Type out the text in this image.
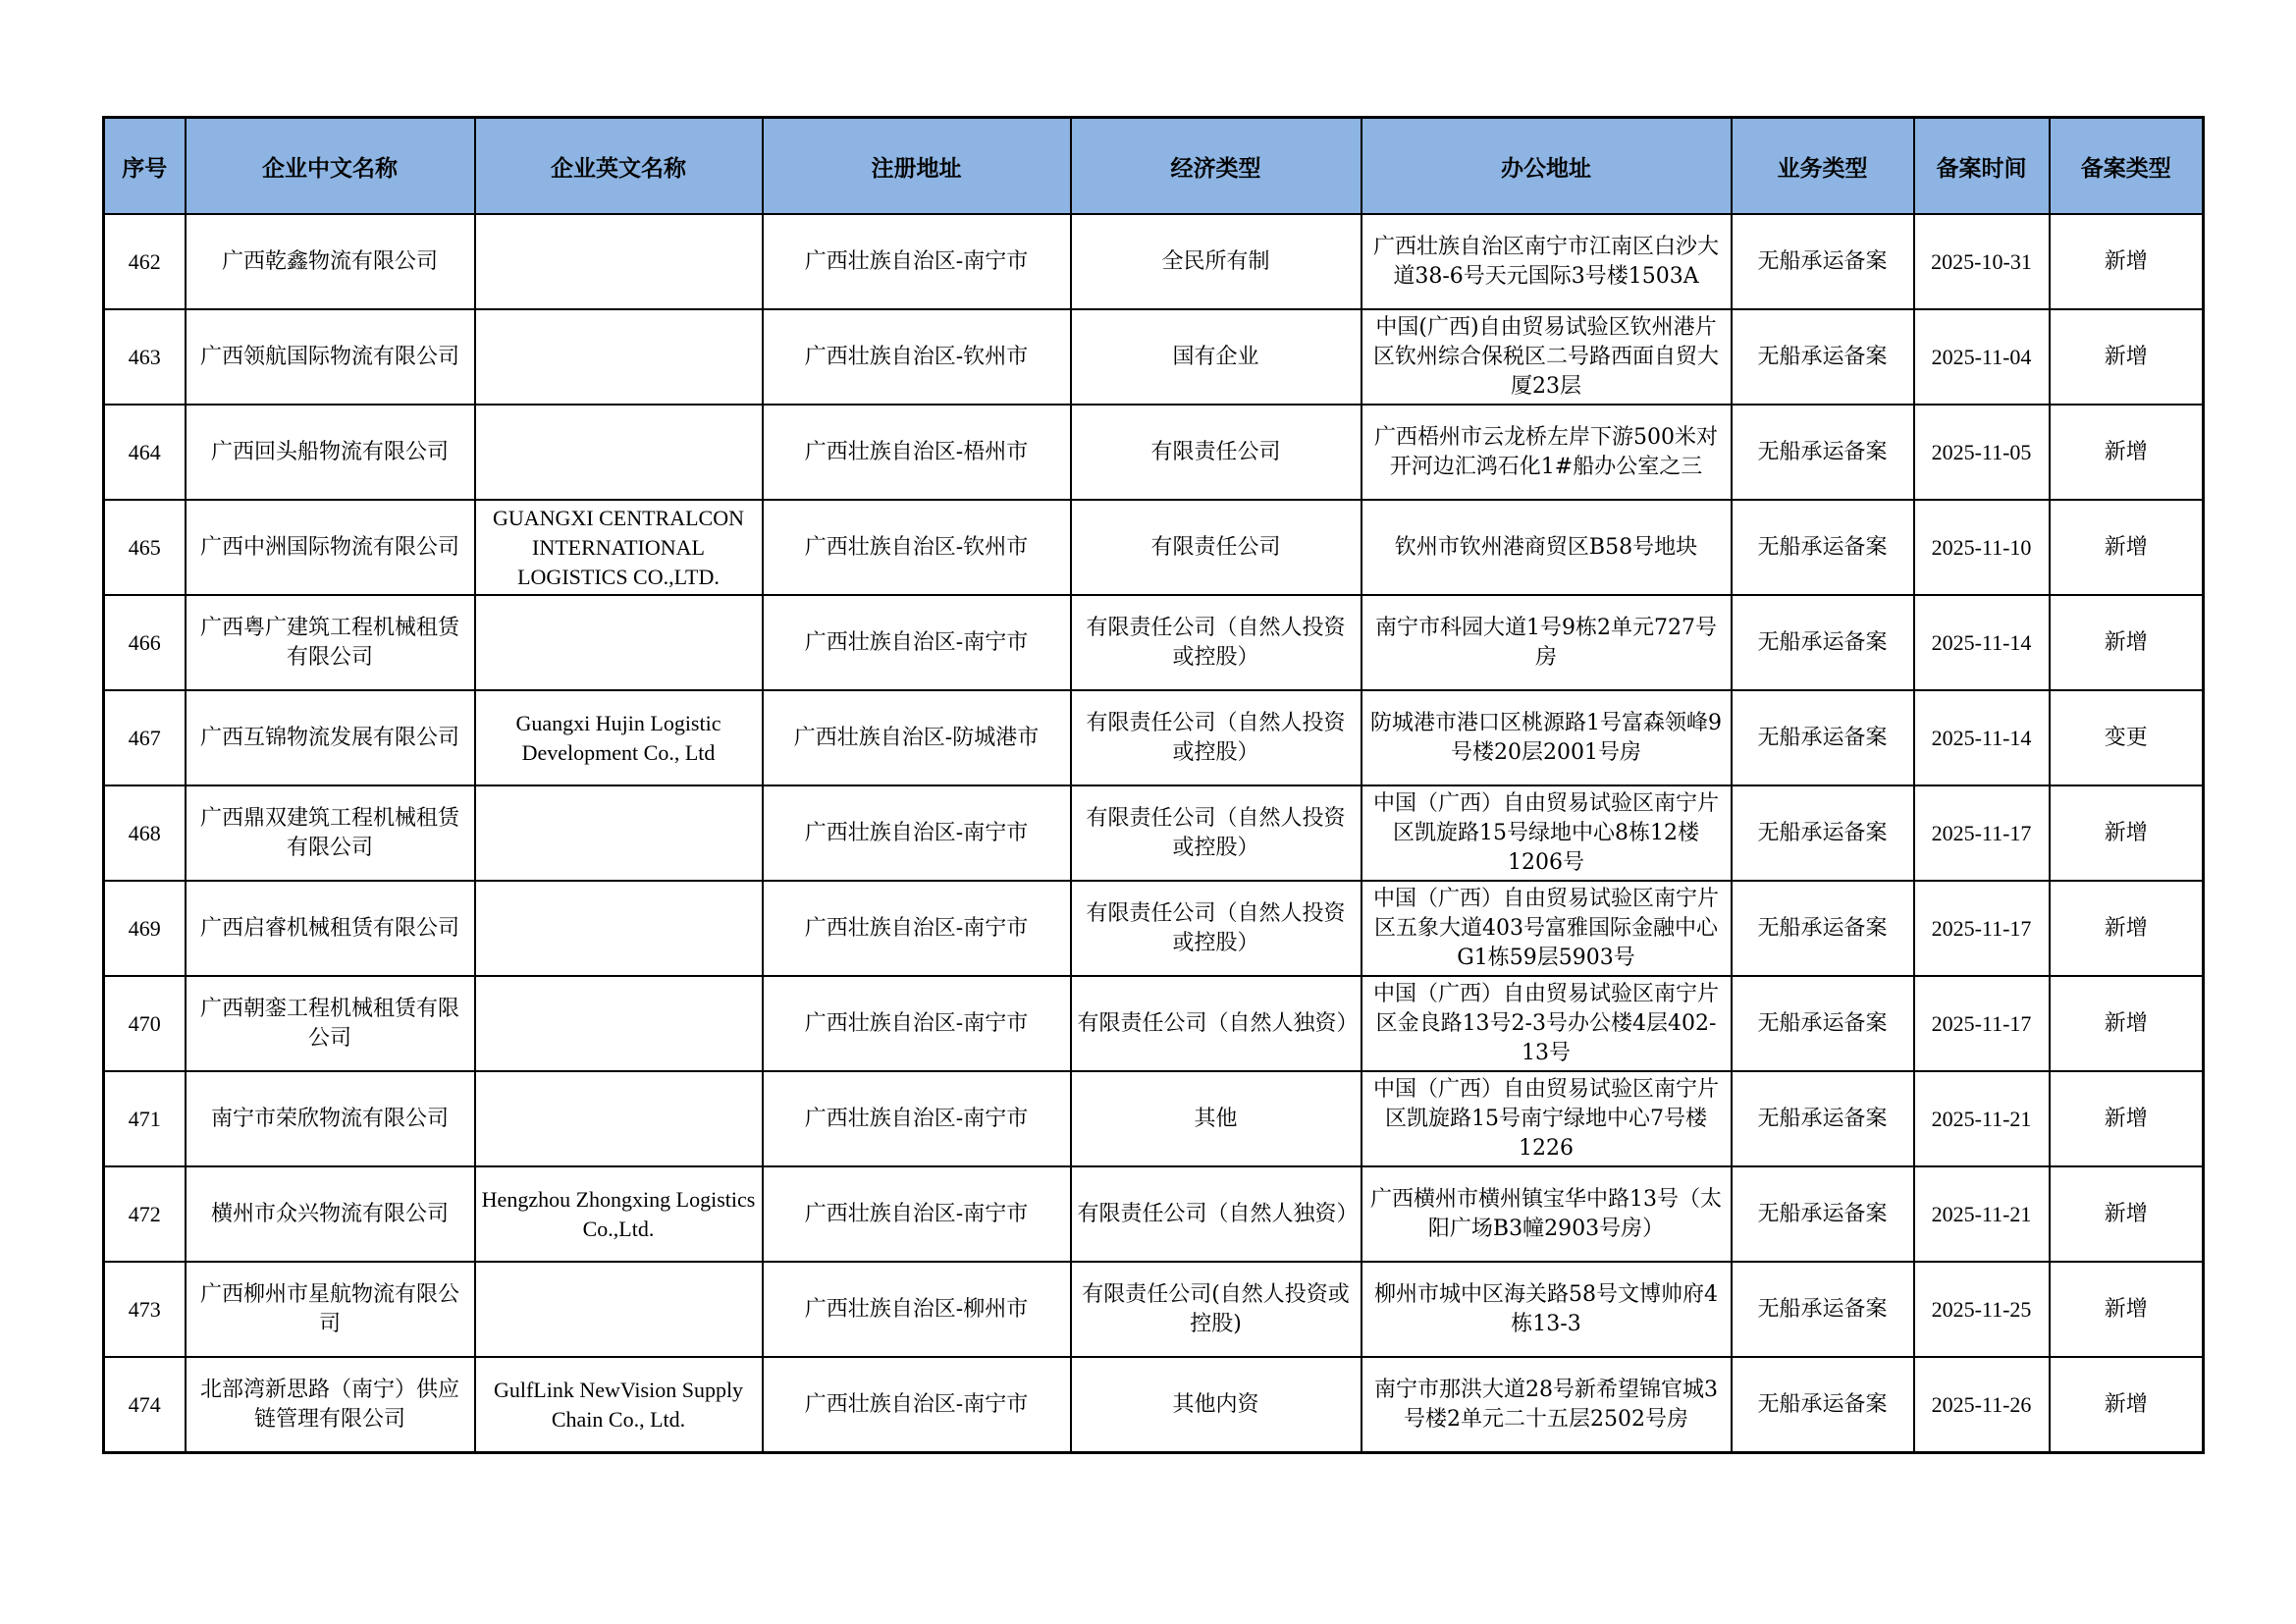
序号	企业中文名称	企业英文名称	注册地址	经济类型	办公地址	业务类型	备案时间	备案类型
462	广西乾鑫物流有限公司		广西壮族自治区-南宁市	全民所有制	广西壮族自治区南宁市江南区白沙大道38-6号天元国际3号楼1503A	无船承运备案	2025-10-31	新增
463	广西领航国际物流有限公司		广西壮族自治区-钦州市	国有企业	中国(广西)自由贸易试验区钦州港片区钦州综合保税区二号路西面自贸大厦23层	无船承运备案	2025-11-04	新增
464	广西回头船物流有限公司		广西壮族自治区-梧州市	有限责任公司	广西梧州市云龙桥左岸下游500米对开河边汇鸿石化1#船办公室之三	无船承运备案	2025-11-05	新增
465	广西中洲国际物流有限公司	GUANGXI CENTRALCON INTERNATIONAL LOGISTICS CO.,LTD.	广西壮族自治区-钦州市	有限责任公司	钦州市钦州港商贸区B58号地块	无船承运备案	2025-11-10	新增
466	广西粤广建筑工程机械租赁有限公司		广西壮族自治区-南宁市	有限责任公司（自然人投资或控股）	南宁市科园大道1号9栋2单元727号房	无船承运备案	2025-11-14	新增
467	广西互锦物流发展有限公司	Guangxi Hujin Logistic Development Co., Ltd	广西壮族自治区-防城港市	有限责任公司（自然人投资或控股）	防城港市港口区桃源路1号富森领峰9号楼20层2001号房	无船承运备案	2025-11-14	变更
468	广西鼎双建筑工程机械租赁有限公司		广西壮族自治区-南宁市	有限责任公司（自然人投资或控股）	中国（广西）自由贸易试验区南宁片区凯旋路15号绿地中心8栋12楼1206号	无船承运备案	2025-11-17	新增
469	广西启睿机械租赁有限公司		广西壮族自治区-南宁市	有限责任公司（自然人投资或控股）	中国（广西）自由贸易试验区南宁片区五象大道403号富雅国际金融中心G1栋59层5903号	无船承运备案	2025-11-17	新增
470	广西朝銮工程机械租赁有限公司		广西壮族自治区-南宁市	有限责任公司（自然人独资）	中国（广西）自由贸易试验区南宁片区金良路13号2-3号办公楼4层402-13号	无船承运备案	2025-11-17	新增
471	南宁市荣欣物流有限公司		广西壮族自治区-南宁市	其他	中国（广西）自由贸易试验区南宁片区凯旋路15号南宁绿地中心7号楼1226	无船承运备案	2025-11-21	新增
472	横州市众兴物流有限公司	Hengzhou Zhongxing Logistics Co.,Ltd.	广西壮族自治区-南宁市	有限责任公司（自然人独资）	广西横州市横州镇宝华中路13号（太阳广场B3幢2903号房）	无船承运备案	2025-11-21	新增
473	广西柳州市星航物流有限公司		广西壮族自治区-柳州市	有限责任公司(自然人投资或控股)	柳州市城中区海关路58号文博帅府4栋13-3	无船承运备案	2025-11-25	新增
474	北部湾新思路（南宁）供应链管理有限公司	GulfLink NewVision Supply Chain Co., Ltd.	广西壮族自治区-南宁市	其他内资	南宁市那洪大道28号新希望锦官城3号楼2单元二十五层2502号房	无船承运备案	2025-11-26	新增
